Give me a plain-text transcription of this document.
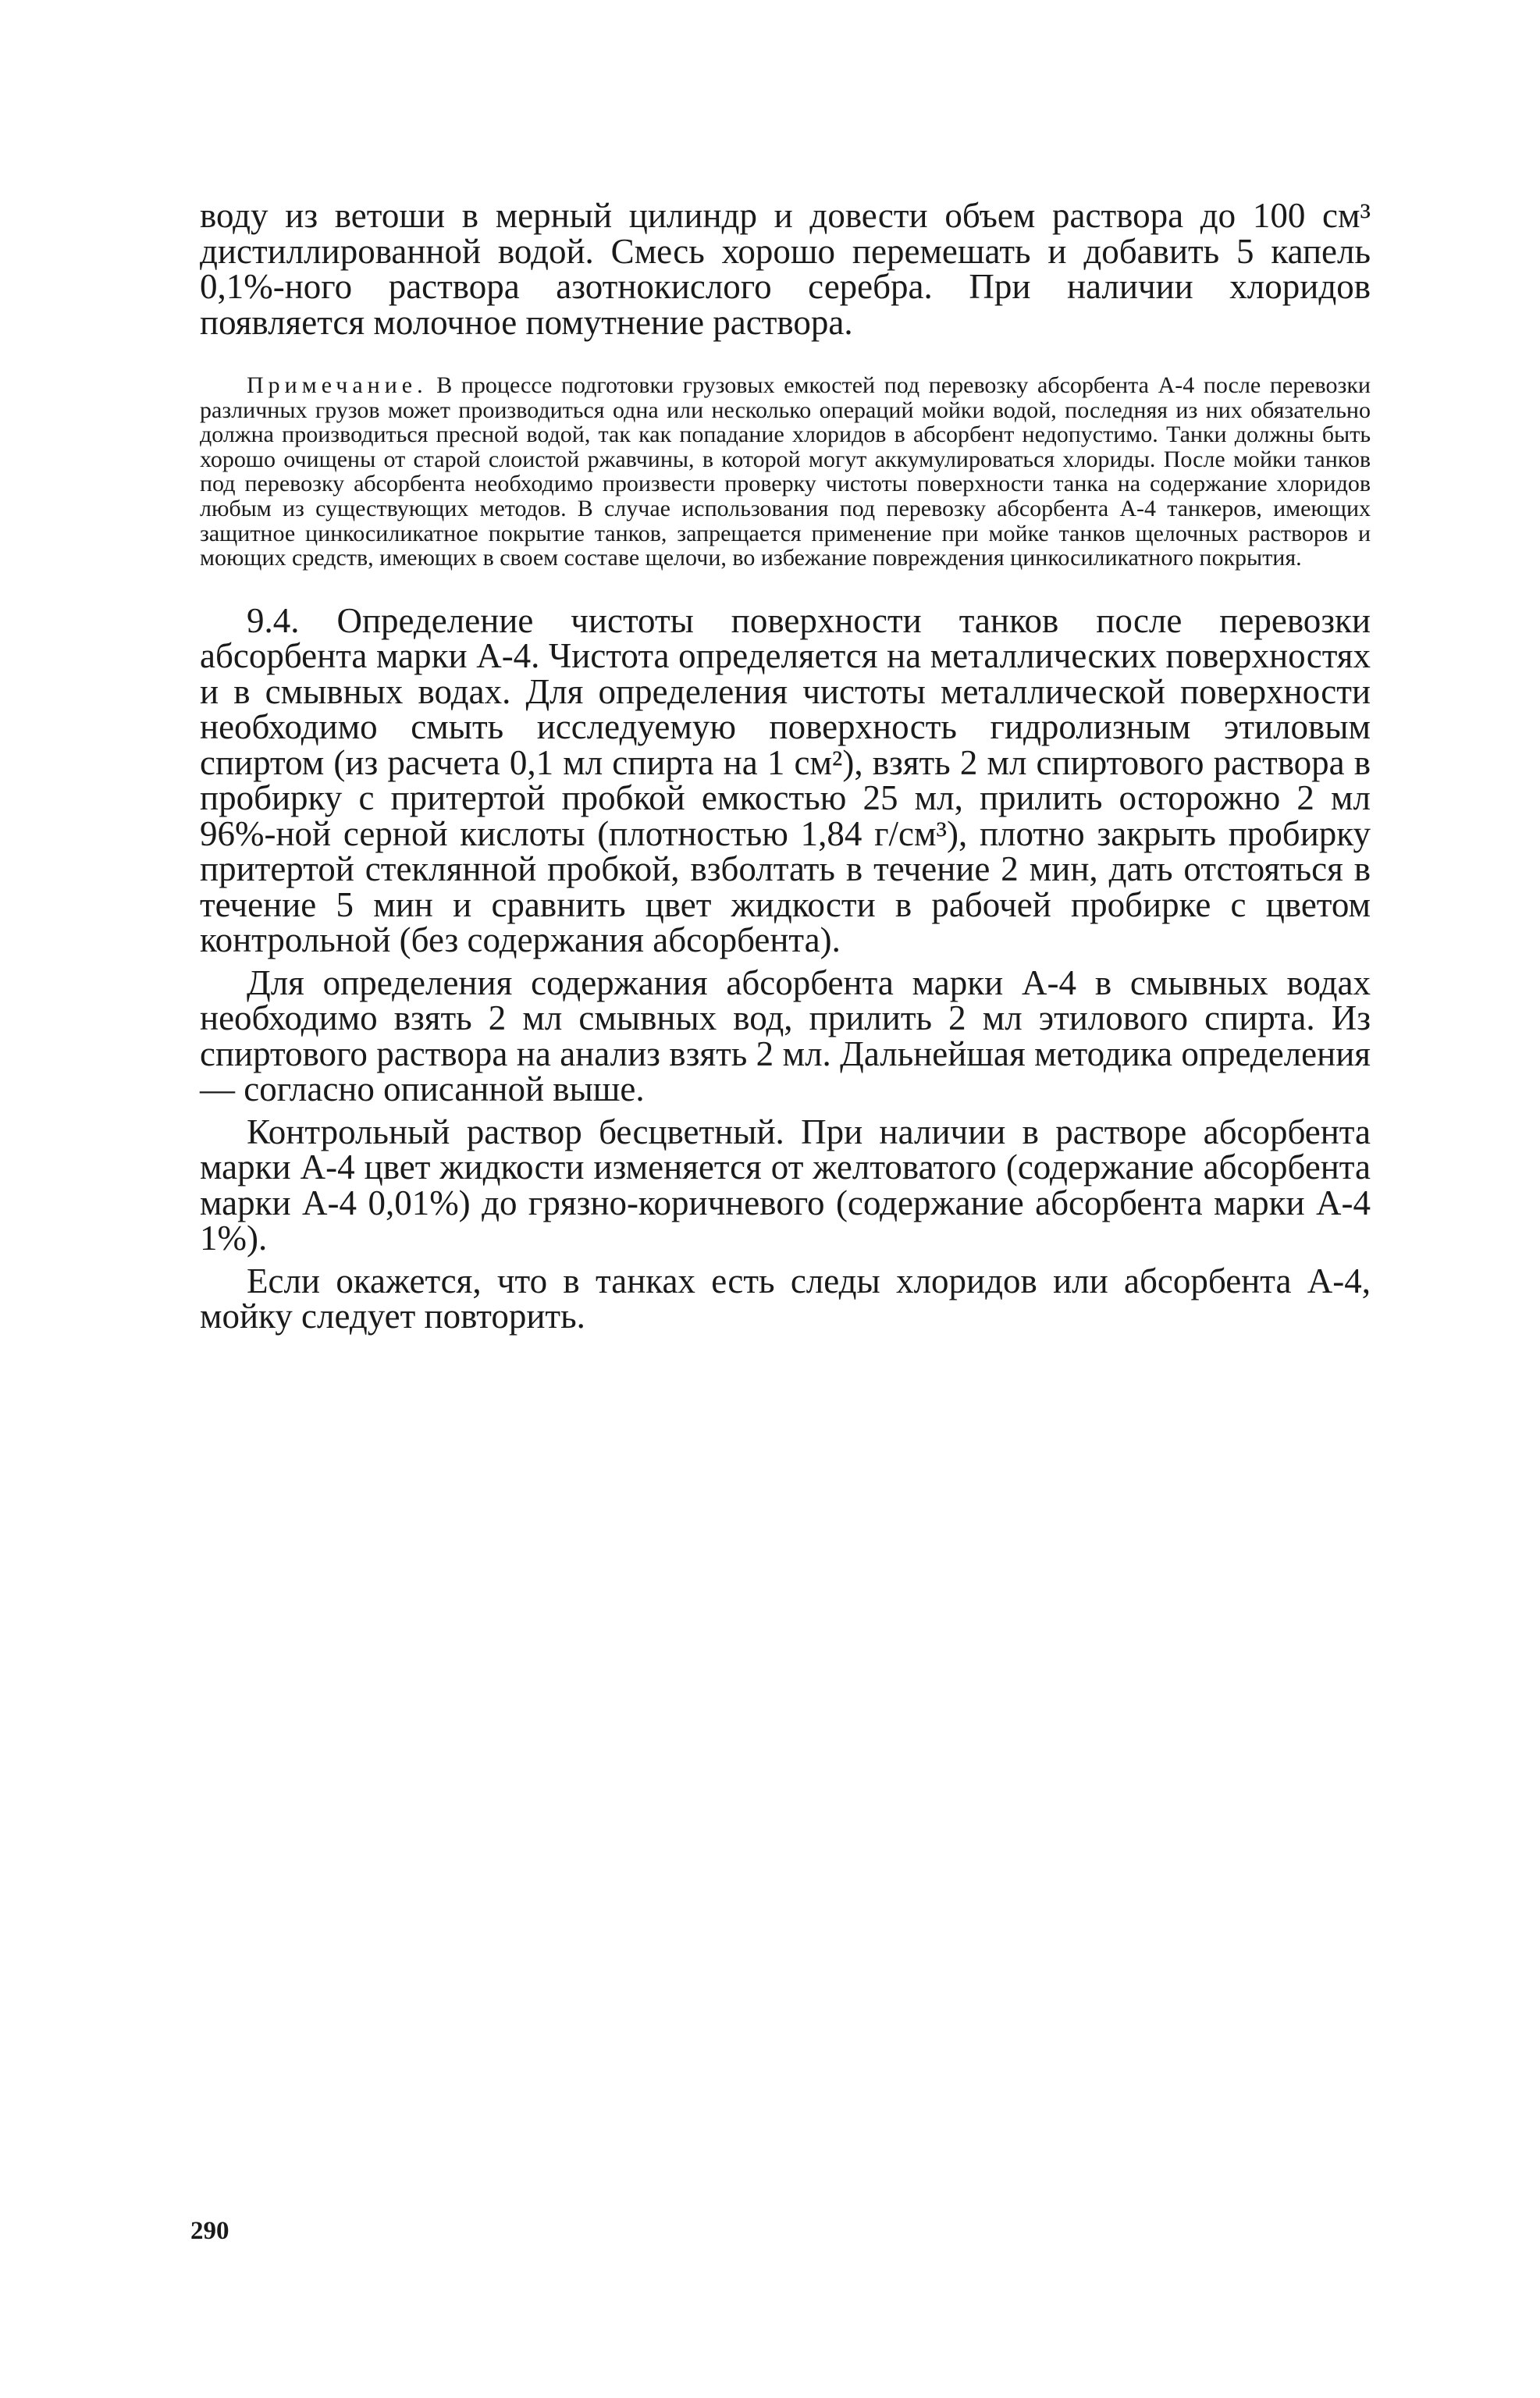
воду из ветоши в мерный цилиндр и довести объем раствора до 100 см³ дистиллированной водой. Смесь хорошо перемешать и добавить 5 капель 0,1%-ного раствора азотнокислого серебра. При наличии хлоридов появляется молочное помутнение раствора.

Примечание. В процессе подготовки грузовых емкостей под перевозку абсорбента А-4 после перевозки различных грузов может производиться одна или несколько операций мойки водой, последняя из них обязательно должна производиться пресной водой, так как попадание хлоридов в абсорбент недопустимо. Танки должны быть хорошо очищены от старой слоистой ржавчины, в которой могут аккумулироваться хлориды. После мойки танков под перевозку абсорбента необходимо произвести проверку чистоты поверхности танка на содержание хлоридов любым из существующих методов. В случае использования под перевозку абсорбента А-4 танкеров, имеющих защитное цинкосиликатное покрытие танков, запрещается применение при мойке танков щелочных растворов и моющих средств, имеющих в своем составе щелочи, во избежание повреждения цинкосиликатного покрытия.

9.4. Определение чистоты поверхности танков после перевозки абсорбента марки А-4. Чистота определяется на металлических поверхностях и в смывных водах. Для определения чистоты металлической поверхности необходимо смыть исследуемую поверхность гидролизным этиловым спиртом (из расчета 0,1 мл спирта на 1 см²), взять 2 мл спиртового раствора в пробирку с притертой пробкой емкостью 25 мл, прилить осторожно 2 мл 96%-ной серной кислоты (плотностью 1,84 г/см³), плотно закрыть пробирку притертой стеклянной пробкой, взболтать в течение 2 мин, дать отстояться в течение 5 мин и сравнить цвет жидкости в рабочей пробирке с цветом контрольной (без содержания абсорбента).

Для определения содержания абсорбента марки А-4 в смывных водах необходимо взять 2 мл смывных вод, прилить 2 мл этилового спирта. Из спиртового раствора на анализ взять 2 мл. Дальнейшая методика определения — согласно описанной выше.

Контрольный раствор бесцветный. При наличии в растворе абсорбента марки А-4 цвет жидкости изменяется от желтоватого (содержание абсорбента марки А-4 0,01%) до грязно-коричневого (содержание абсорбента марки А-4 1%).

Если окажется, что в танках есть следы хлоридов или абсорбента А-4, мойку следует повторить.

290
